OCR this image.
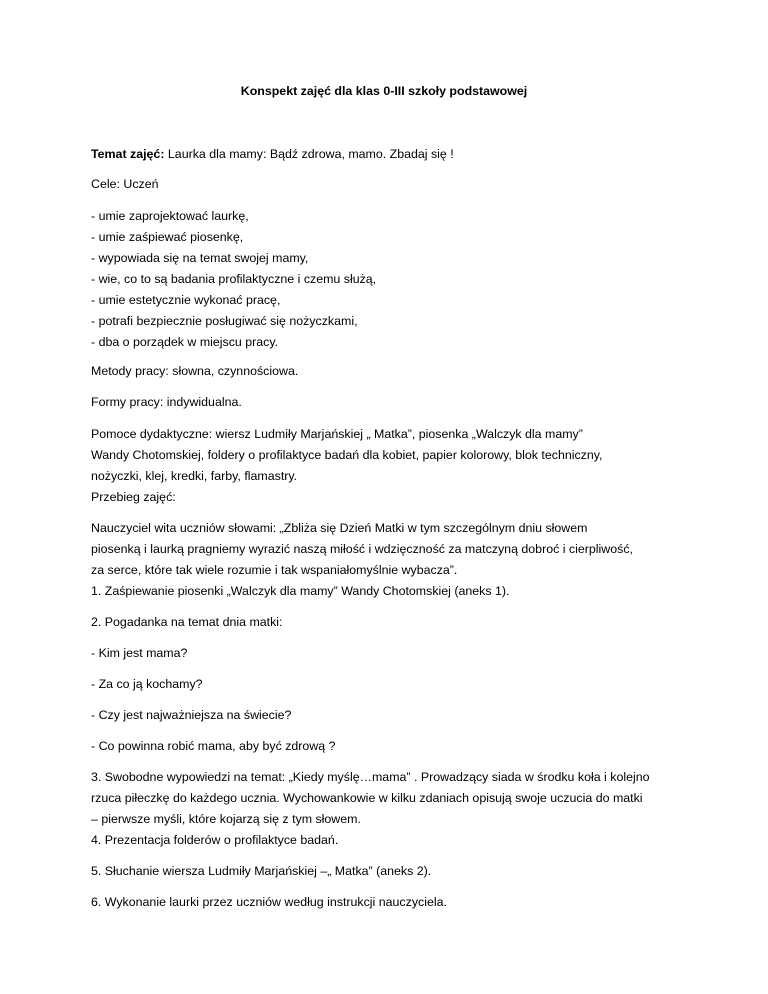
Konspekt zajęć dla klas 0-III szkoły podstawowej
Temat zajęć: Laurka dla mamy: Bądź zdrowa, mamo. Zbadaj się !
Cele: Uczeń
- umie zaprojektować laurkę,
- umie zaśpiewać piosenkę,
- wypowiada się na temat swojej mamy,
- wie, co to są badania profilaktyczne i czemu służą,
- umie estetycznie wykonać pracę,
- potrafi bezpiecznie posługiwać się nożyczkami,
- dba o porządek w miejscu pracy.
Metody pracy: słowna, czynnościowa.
Formy pracy: indywidualna.
Pomoce dydaktyczne: wiersz Ludmiły Marjańskiej „ Matka”, piosenka „Walczyk dla mamy”
Wandy Chotomskiej, foldery o profilaktyce badań dla kobiet, papier kolorowy, blok techniczny,
nożyczki, klej, kredki, farby, flamastry.
Przebieg zajęć:
Nauczyciel wita uczniów słowami: „Zbliża się Dzień Matki w tym szczególnym dniu słowem
piosenką i laurką pragniemy wyrazić naszą miłość i wdzięczność za matczyną dobroć i cierpliwość,
za serce, które tak wiele rozumie i tak wspaniałomyślnie wybacza”.
1. Zaśpiewanie piosenki „Walczyk dla mamy” Wandy Chotomskiej (aneks 1).
2. Pogadanka na temat dnia matki:
- Kim jest mama?
- Za co ją kochamy?
- Czy jest najważniejsza na świecie?
- Co powinna robić mama, aby być zdrową ?
3. Swobodne wypowiedzi na temat: „Kiedy myślę…mama” . Prowadzący siada w środku koła i kolejno
rzuca piłeczkę do każdego ucznia. Wychowankowie w kilku zdaniach opisują swoje uczucia do matki
– pierwsze myśli, które kojarzą się z tym słowem.
4. Prezentacja folderów o profilaktyce badań.
5. Słuchanie wiersza Ludmiły Marjańskiej –„ Matka” (aneks 2).
6. Wykonanie laurki przez uczniów według instrukcji nauczyciela.
